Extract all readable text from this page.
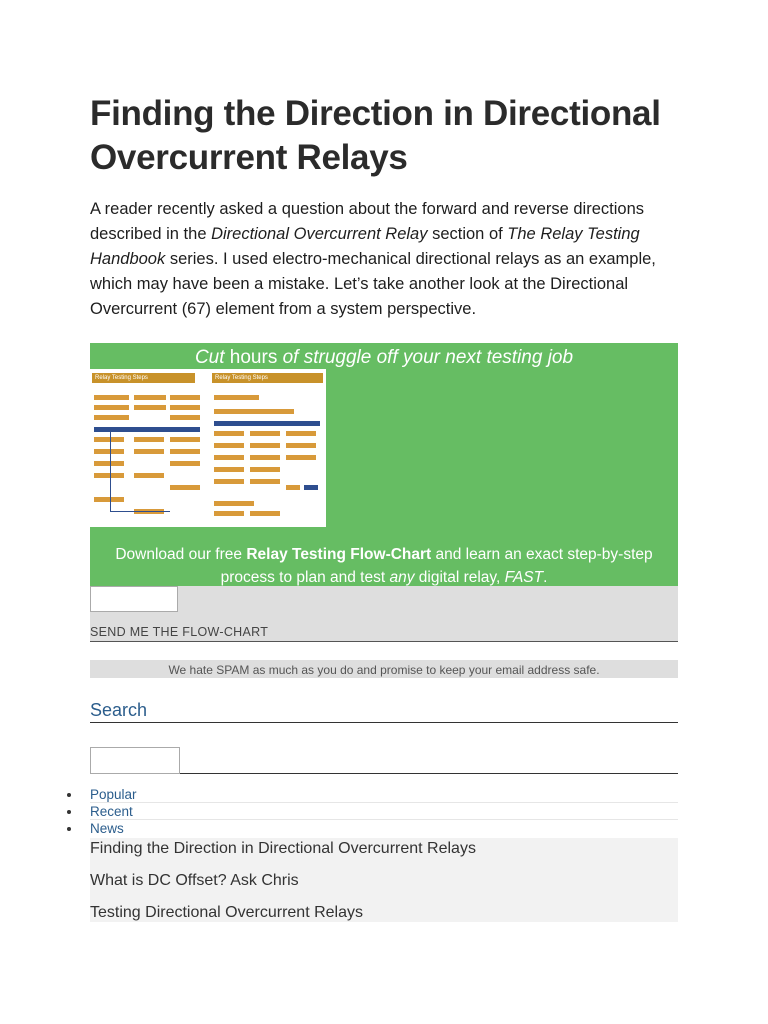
Finding the Direction in Directional Overcurrent Relays

A reader recently asked a question about the forward and reverse directions described in the Directional Overcurrent Relay section of The Relay Testing Handbook series. I used electro-mechanical directional relays as an example, which may have been a mistake. Let’s take another look at the Directional Overcurrent (67) element from a system perspective.

Cut hours of struggle off your next testing job
Relay Testing Steps	Relay Testing Steps
Download our free Relay Testing Flow-Chart and learn an exact step-by-step process to plan and test any digital relay, FAST.
SEND ME THE FLOW-CHART
We hate SPAM as much as you do and promise to keep your email address safe.
Search
Popular
Recent
News
Finding the Direction in Directional Overcurrent Relays
What is DC Offset? Ask Chris
Testing Directional Overcurrent Relays
